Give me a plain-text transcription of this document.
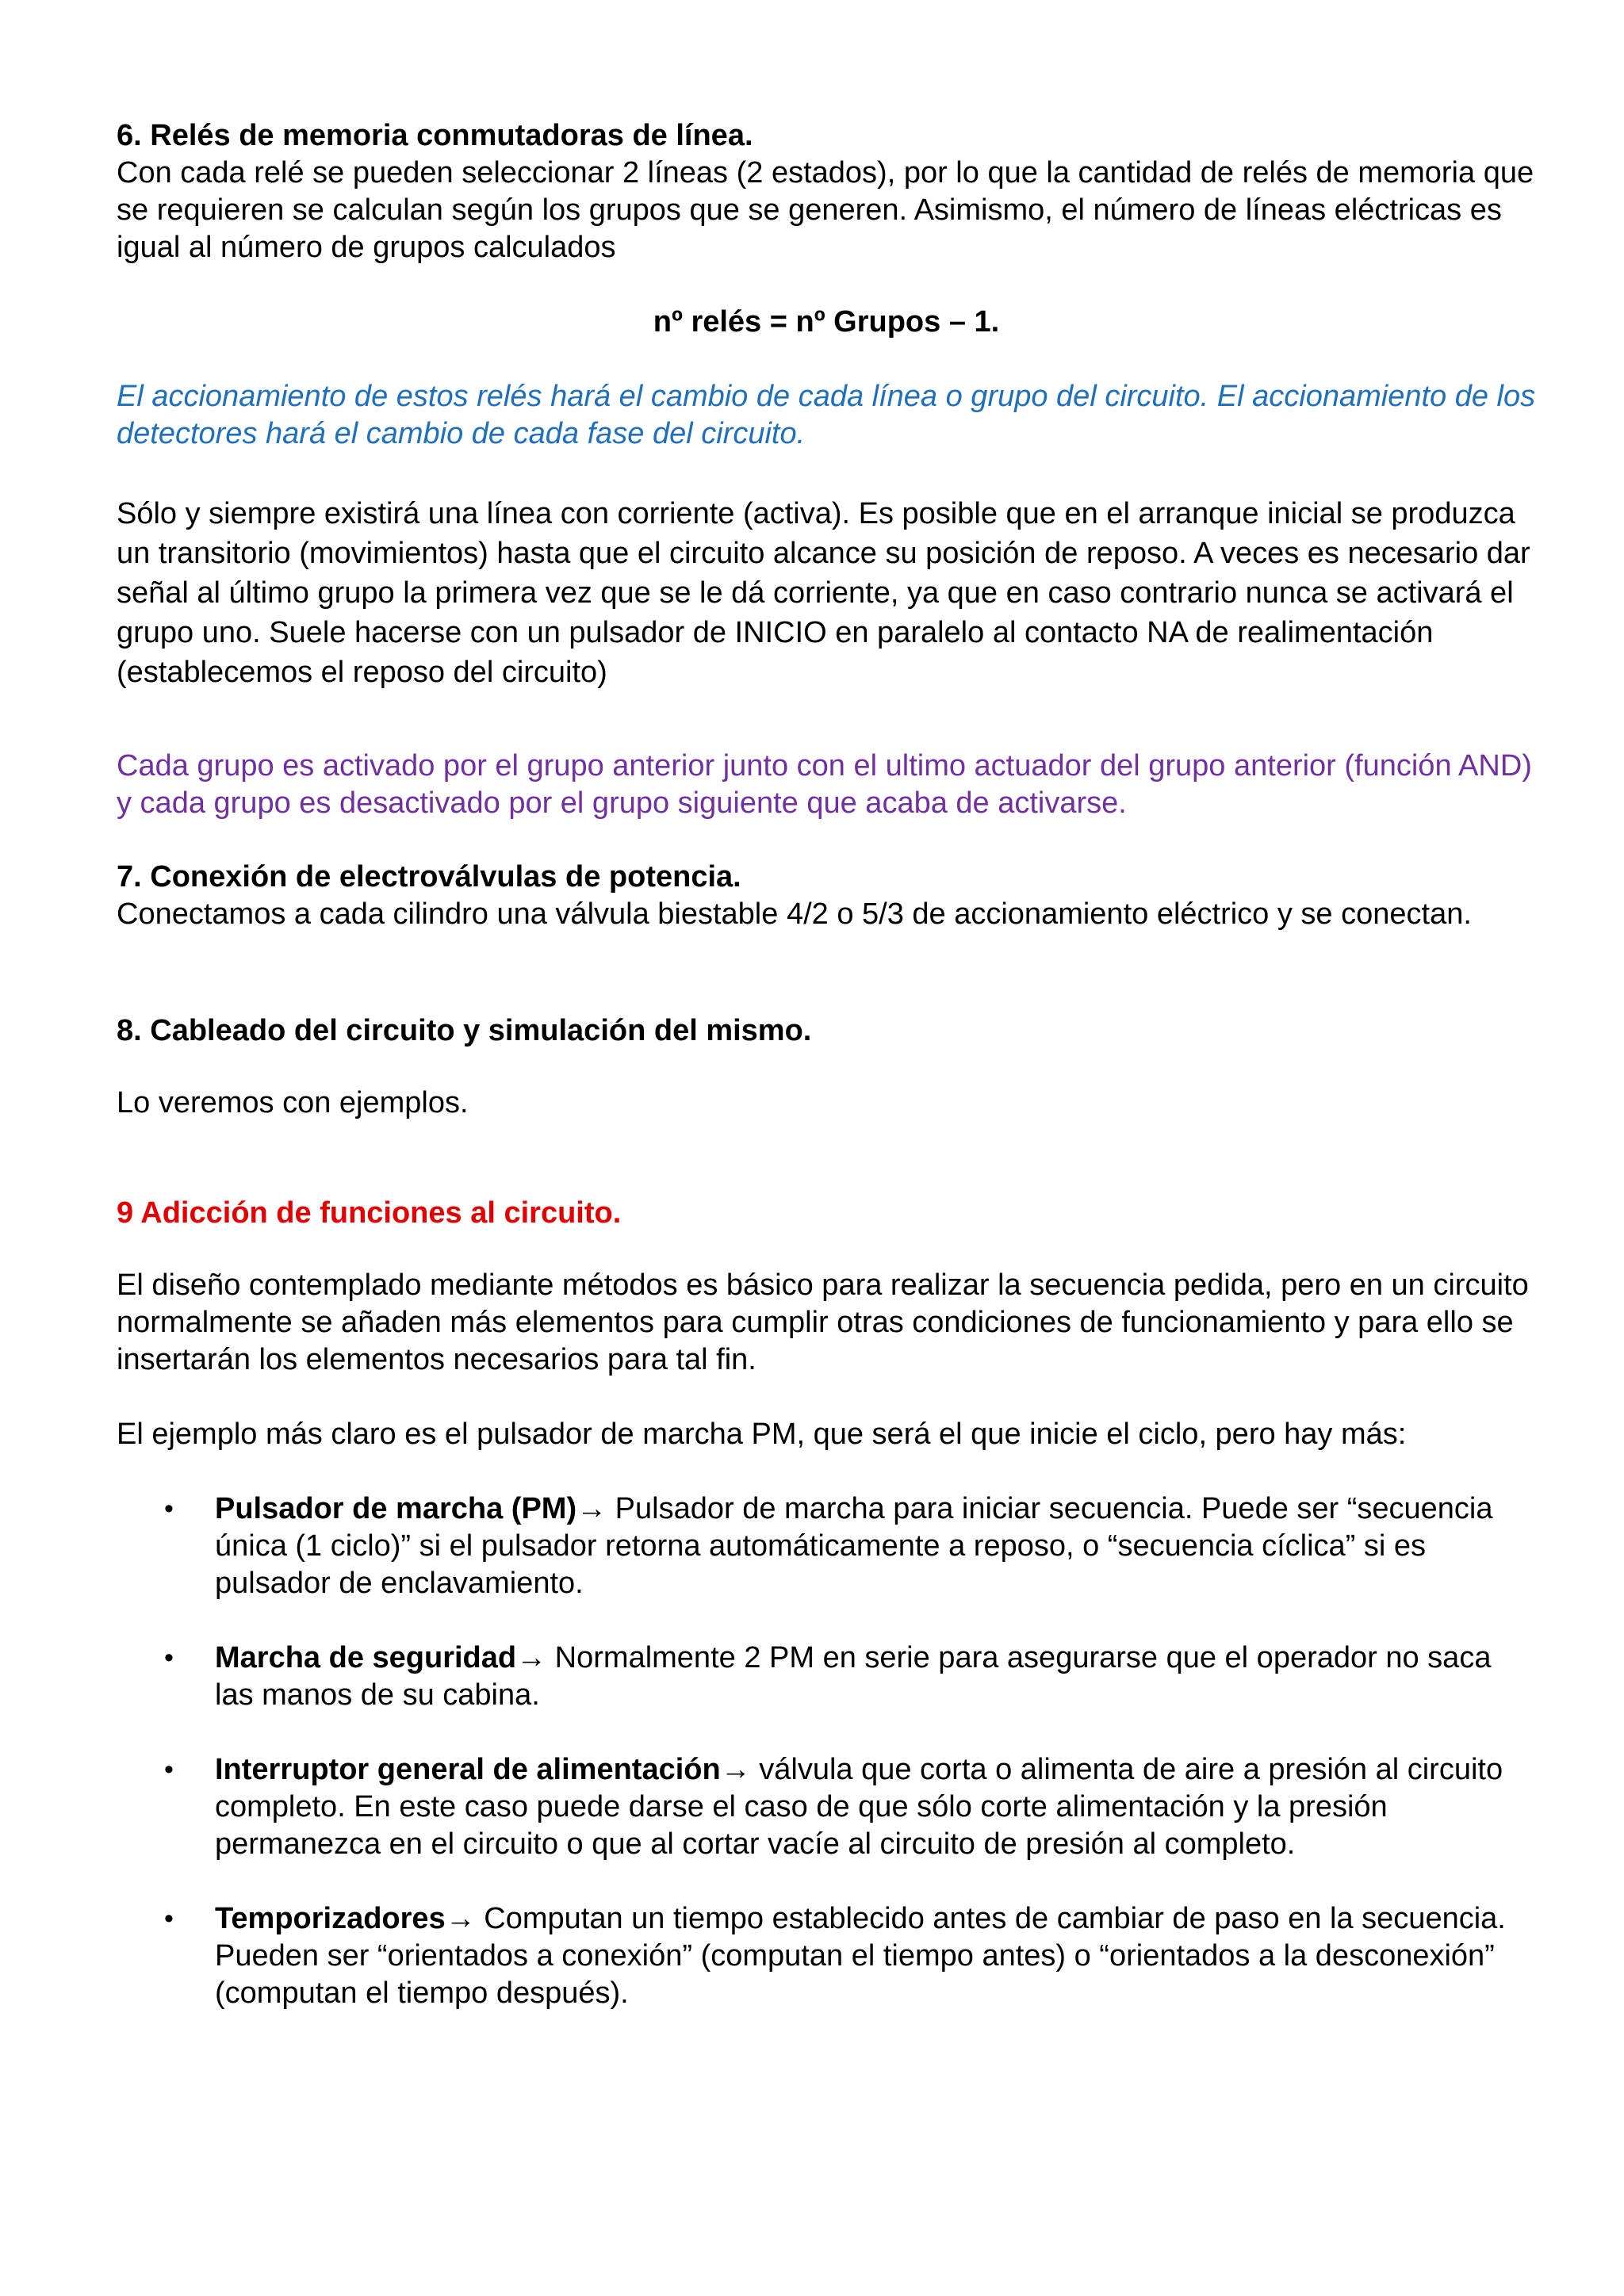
6. Relés de memoria conmutadoras de línea.

Con cada relé se pueden seleccionar 2 líneas (2 estados), por lo que la cantidad de relés de memoria que se requieren se calculan según los grupos que se generen. Asimismo, el número de líneas eléctricas es igual al número de grupos calculados

nº relés = nº Grupos – 1.

El accionamiento de estos relés hará el cambio de cada línea o grupo del circuito. El accionamiento de los detectores hará el cambio de cada fase del circuito.

Sólo y siempre existirá una línea con corriente (activa). Es posible que en el arranque inicial se produzca un transitorio (movimientos) hasta que el circuito alcance su posición de reposo. A veces es necesario dar señal al último grupo la primera vez que se le dá corriente, ya que en caso contrario nunca se activará el grupo uno. Suele hacerse con un pulsador de INICIO en paralelo al contacto NA de realimentación (establecemos el reposo del circuito)

Cada grupo es activado por el grupo anterior junto con el ultimo actuador del grupo anterior (función AND) y cada grupo es desactivado por el grupo siguiente que acaba de activarse.

7. Conexión de electroválvulas de potencia.

Conectamos a cada cilindro una válvula biestable 4/2 o 5/3 de accionamiento eléctrico y se conectan.

8. Cableado del circuito y simulación del mismo.

Lo veremos con ejemplos.

9 Adicción de funciones al circuito.

El diseño contemplado mediante métodos es básico para realizar la secuencia pedida, pero en un circuito normalmente se añaden más elementos para cumplir otras condiciones de funcionamiento y para ello se insertarán los elementos necesarios para tal fin.

El ejemplo más claro es el pulsador de marcha PM, que será el que inicie el ciclo, pero hay más:

• Pulsador de marcha (PM)→ Pulsador de marcha para iniciar secuencia. Puede ser “secuencia única (1 ciclo)” si el pulsador retorna automáticamente a reposo, o “secuencia cíclica” si es pulsador de enclavamiento.
• Marcha de seguridad→ Normalmente 2 PM en serie para asegurarse que el operador no saca las manos de su cabina.
• Interruptor general de alimentación→ válvula que corta o alimenta de aire a presión al circuito completo. En este caso puede darse el caso de que sólo corte alimentación y la presión permanezca en el circuito o que al cortar vacíe al circuito de presión al completo.
• Temporizadores→ Computan un tiempo establecido antes de cambiar de paso en la secuencia. Pueden ser “orientados a conexión” (computan el tiempo antes) o “orientados a la desconexión” (computan el tiempo después).
